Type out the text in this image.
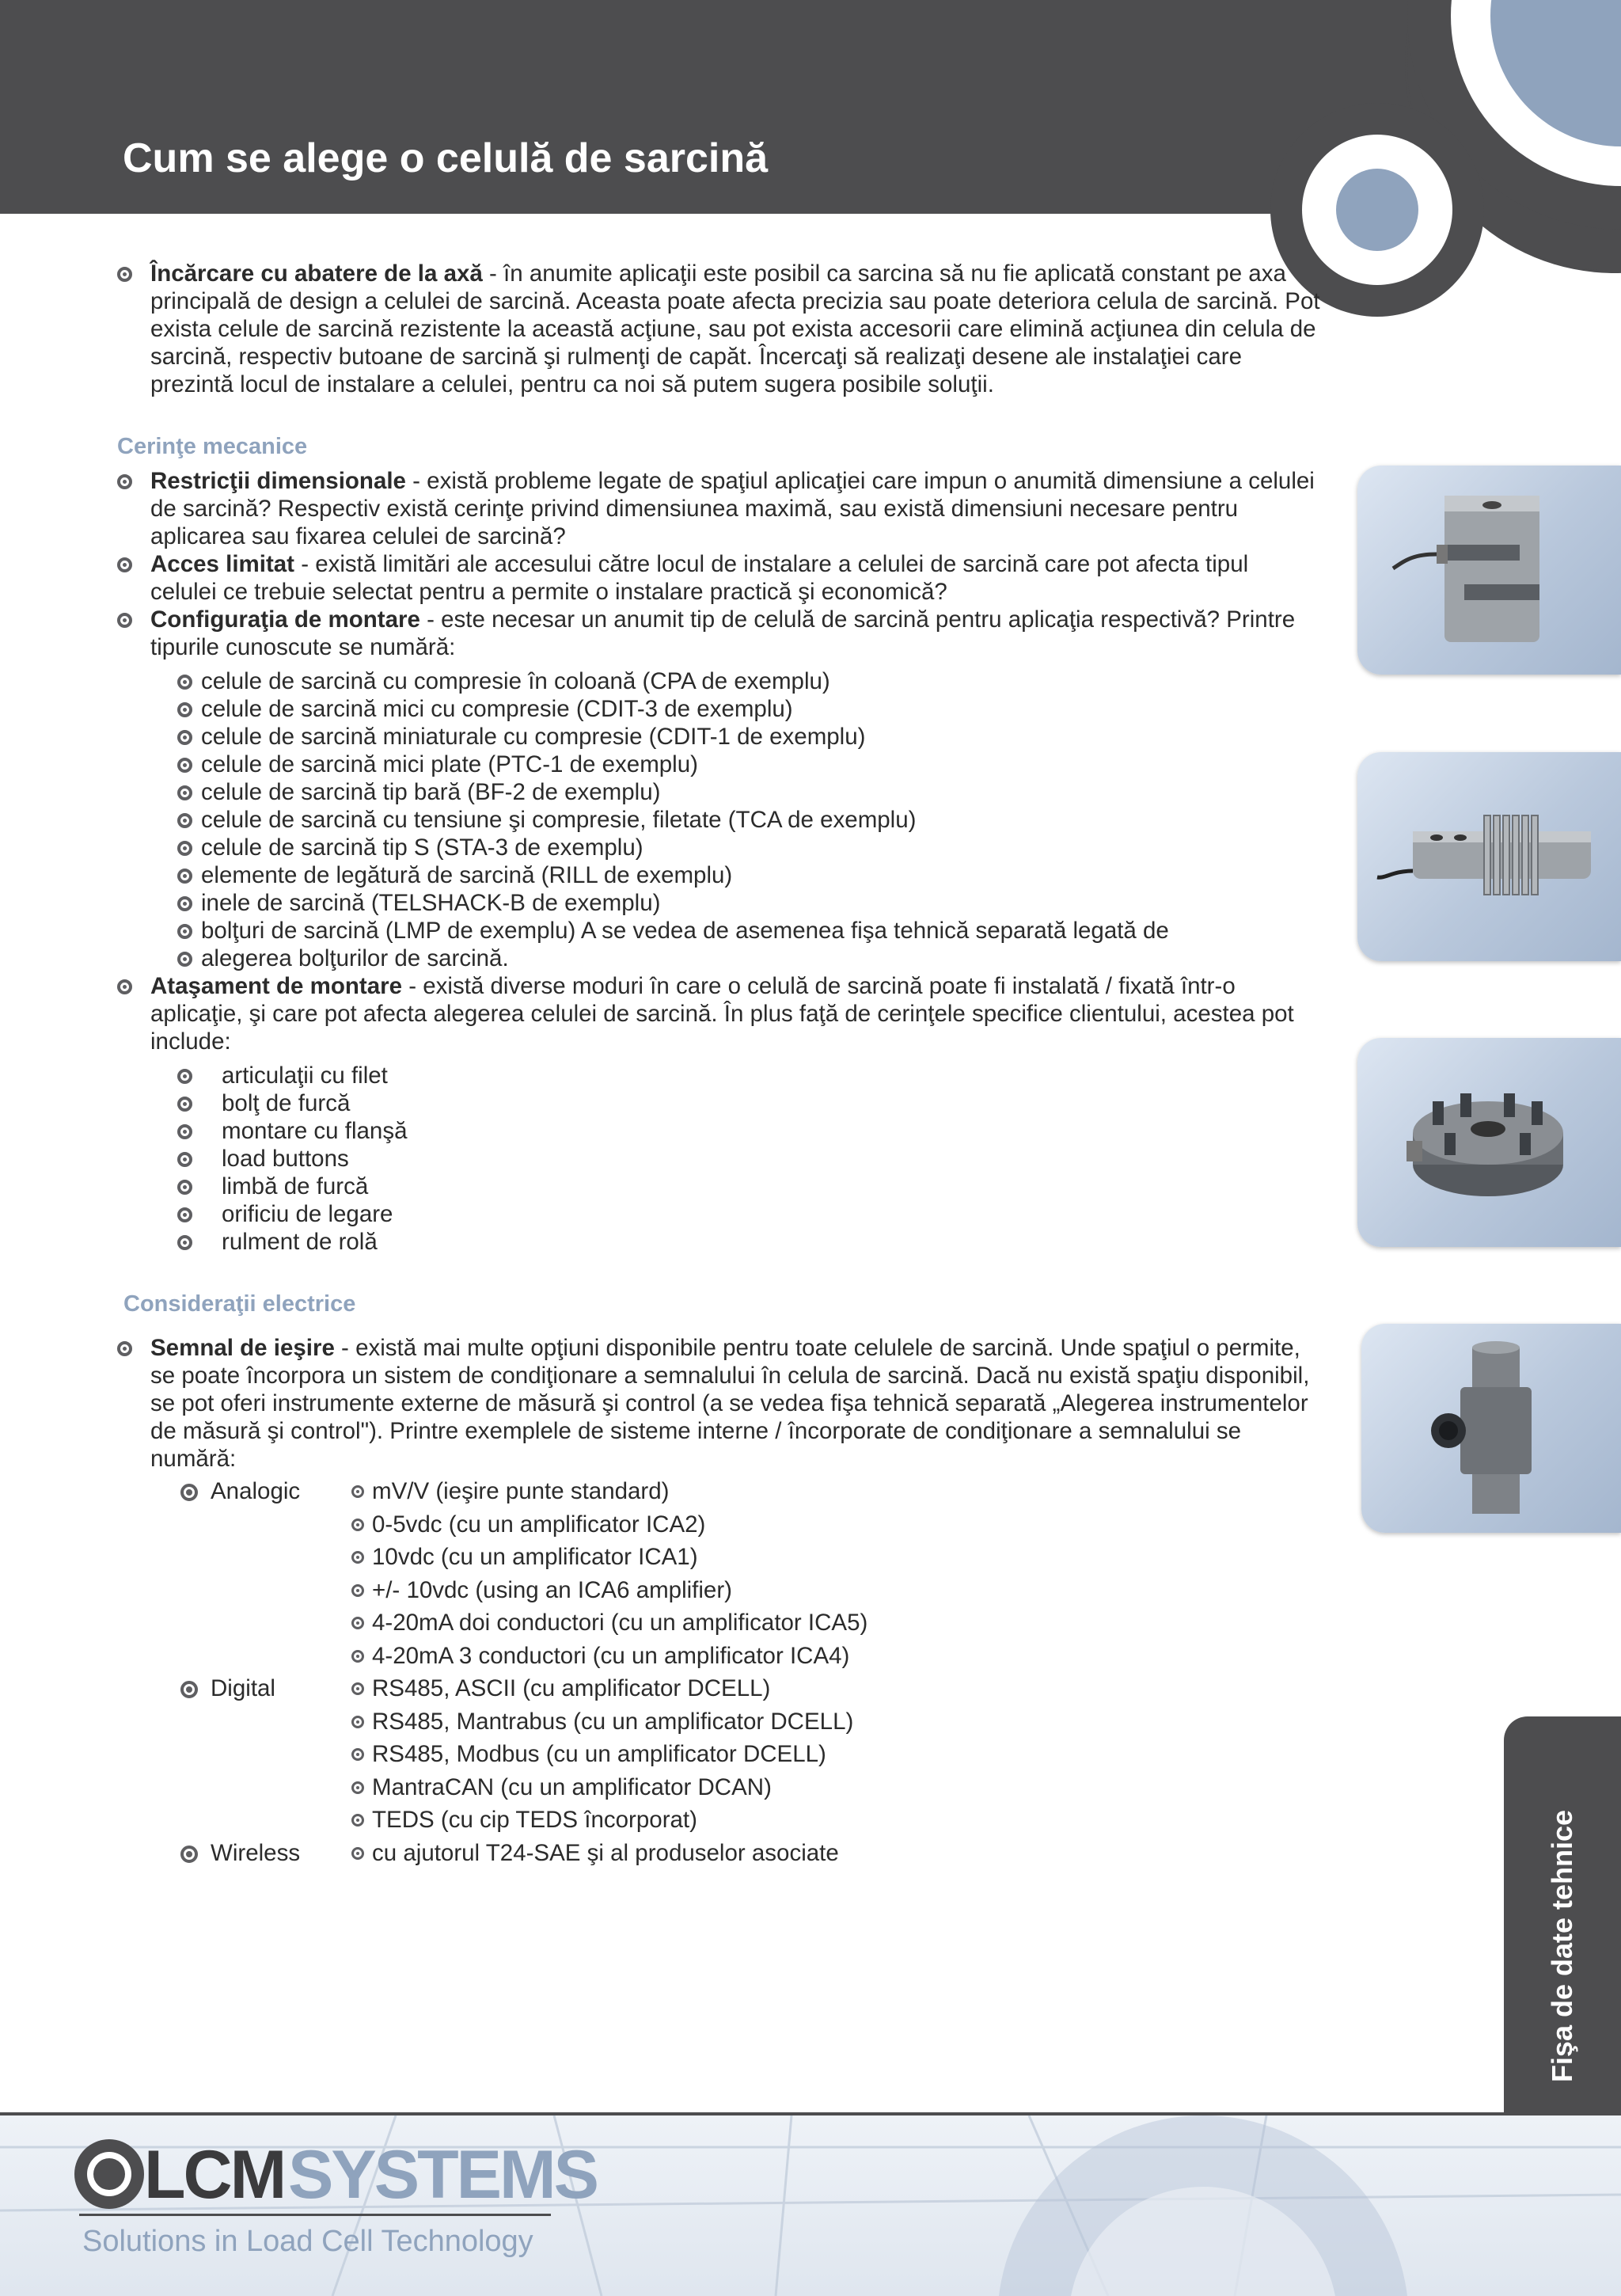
Cum se alege o celulă de sarcină
Încărcare cu abatere de la axă - în anumite aplicaţii este posibil ca sarcina să nu fie aplicată constant pe axa principală de design a celulei de sarcină. Aceasta poate afecta precizia sau poate deteriora celula de sarcină. Pot exista celule de sarcină rezistente la această acţiune, sau pot exista accesorii care elimină acţiunea din celula de sarcină, respectiv butoane de sarcină şi rulmenţi de capăt. Încercaţi să realizaţi desene ale instalaţiei care prezintă locul de instalare a celulei, pentru ca noi să putem sugera posibile soluţii.

Cerinţe mecanice

Restricţii dimensionale - există probleme legate de spaţiul aplicaţiei care impun o anumită dimensiune a celulei de sarcină? Respectiv există cerinţe privind dimensiunea maximă, sau există dimensiuni necesare pentru aplicarea sau fixarea celulei de sarcină?
Acces limitat - există limitări ale accesului către locul de instalare a celulei de sarcină care pot afecta tipul celulei ce trebuie selectat pentru a permite o instalare practică şi economică?
Configuraţia de montare - este necesar un anumit tip de celulă de sarcină pentru aplicaţia respectivă? Printre tipurile cunoscute se numără:
celule de sarcină cu compresie în coloană (CPA de exemplu)
celule de sarcină mici cu compresie (CDIT-3 de exemplu)
celule de sarcină miniaturale cu compresie (CDIT-1 de exemplu)
celule de sarcină mici plate (PTC-1 de exemplu)
celule de sarcină tip bară (BF-2 de exemplu)
celule de sarcină cu tensiune şi compresie, filetate (TCA de exemplu)
celule de sarcină tip S (STA-3 de exemplu)
elemente de legătură de sarcină (RILL de exemplu)
inele de sarcină (TELSHACK-B de exemplu)
bolţuri de sarcină (LMP de exemplu) A se vedea de asemenea fişa tehnică separată legată de
alegerea bolţurilor de sarcină.
Ataşament de montare - există diverse moduri în care o celulă de sarcină poate fi instalată / fixată într-o aplicaţie, şi care pot afecta alegerea celulei de sarcină. În plus faţă de cerinţele specifice clientului, acestea pot include:
articulaţii cu filet
bolţ de furcă
montare cu flanşă
load buttons
limbă de furcă
orificiu de legare
rulment de rolă

Consideraţii electrice

Semnal de ieşire - există mai multe opţiuni disponibile pentru toate celulele de sarcină. Unde spaţiul o permite, se poate încorpora un sistem de condiţionare a semnalului în celula de sarcină. Dacă nu există spaţiu disponibil, se pot oferi instrumente externe de măsură şi control (a se vedea fişa tehnică separată „Alegerea instrumentelor de măsură şi control"). Printre exemplele de sisteme interne / încorporate de condiţionare a semnalului se numără:
Analogic	mV/V (ieşire punte standard)
0-5vdc (cu un amplificator ICA2)
10vdc (cu un amplificator ICA1)
+/- 10vdc (using an ICA6 amplifier)
4-20mA doi conductori (cu un amplificator ICA5)
4-20mA 3 conductori (cu un amplificator ICA4)
Digital	RS485, ASCII (cu amplificator DCELL)
RS485, Mantrabus (cu un amplificator DCELL)
RS485, Modbus (cu un amplificator DCELL)
MantraCAN (cu un amplificator DCAN)
TEDS (cu cip TEDS încorporat)
Wireless	cu ajutorul T24-SAE şi al produselor asociate	Fişa de date tehnice
LCM SYSTEMS
Solutions in Load Cell Technology
